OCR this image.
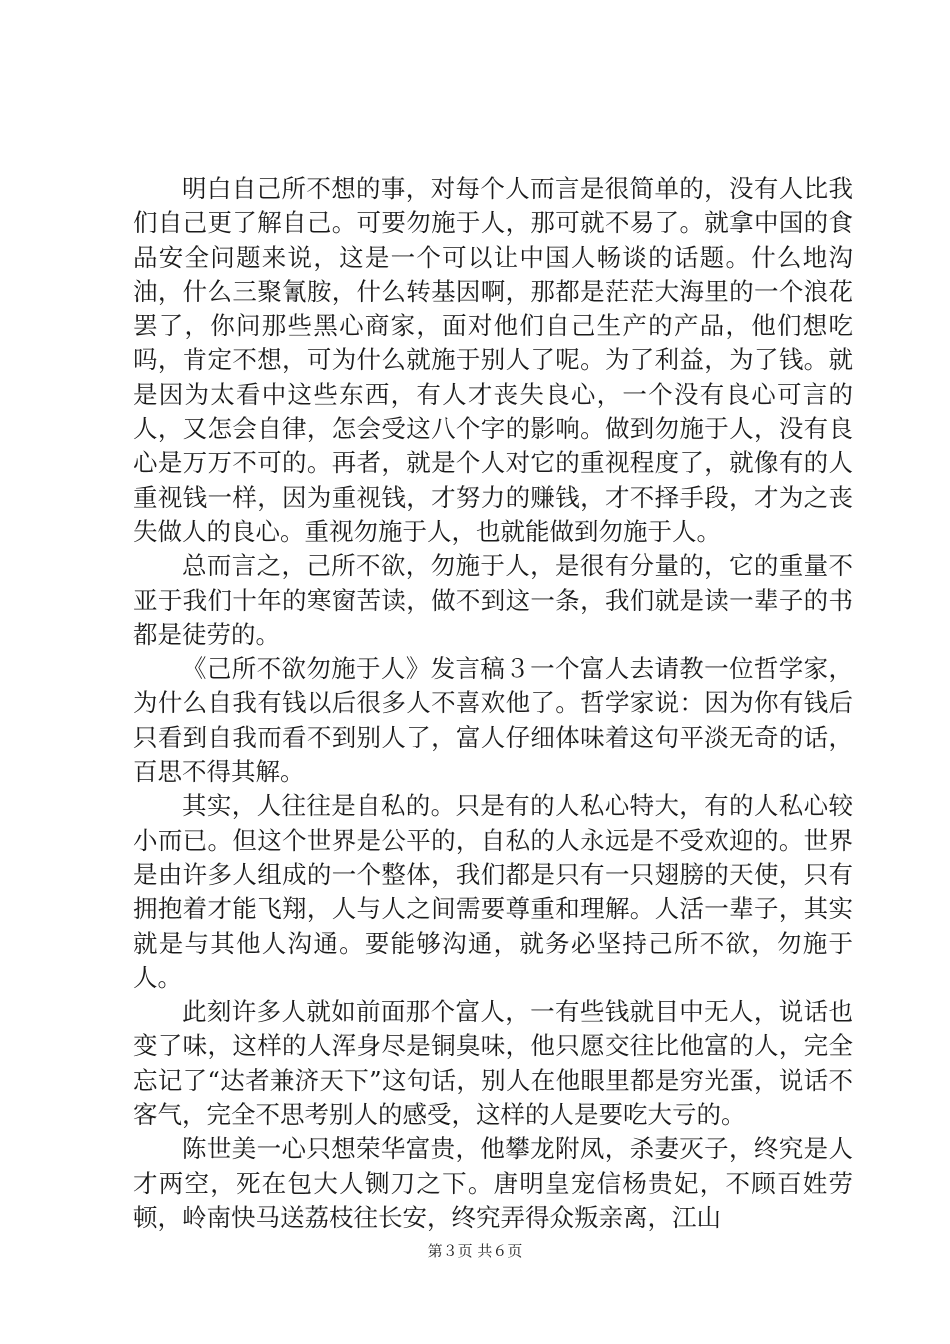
明白自己所不想的事，对每个人而言是很简单的，没有人比我们自己更了解自己。可要勿施于人，那可就不易了。就拿中国的食品安全问题来说，这是一个可以让中国人畅谈的话题。什么地沟油，什么三聚氰胺，什么转基因啊，那都是茫茫大海里的一个浪花罢了，你问那些黑心商家，面对他们自己生产的产品，他们想吃吗，肯定不想，可为什么就施于别人了呢。为了利益，为了钱。就是因为太看中这些东西，有人才丧失良心，一个没有良心可言的人，又怎会自律，怎会受这八个字的影响。做到勿施于人，没有良心是万万不可的。再者，就是个人对它的重视程度了，就像有的人重视钱一样，因为重视钱，才努力的赚钱，才不择手段，才为之丧失做人的良心。重视勿施于人，也就能做到勿施于人。

总而言之，己所不欲，勿施于人，是很有分量的，它的重量不亚于我们十年的寒窗苦读，做不到这一条，我们就是读一辈子的书都是徒劳的。

《己所不欲勿施于人》发言稿３一个富人去请教一位哲学家，为什么自我有钱以后很多人不喜欢他了。哲学家说：因为你有钱后只看到自我而看不到别人了，富人仔细体味着这句平淡无奇的话，百思不得其解。

其实，人往往是自私的。只是有的人私心特大，有的人私心较小而已。但这个世界是公平的，自私的人永远是不受欢迎的。世界是由许多人组成的一个整体，我们都是只有一只翅膀的天使，只有拥抱着才能飞翔，人与人之间需要尊重和理解。人活一辈子，其实就是与其他人沟通。要能够沟通，就务必坚持己所不欲，勿施于人。

此刻许多人就如前面那个富人，一有些钱就目中无人，说话也变了味，这样的人浑身尽是铜臭味，他只愿交往比他富的人，完全忘记了“达者兼济天下”这句话，别人在他眼里都是穷光蛋，说话不客气，完全不思考别人的感受，这样的人是要吃大亏的。

陈世美一心只想荣华富贵，他攀龙附凤，杀妻灭子，终究是人才两空，死在包大人铡刀之下。唐明皇宠信杨贵妃，不顾百姓劳顿，岭南快马送荔枝往长安，终究弄得众叛亲离，江山

第３页 共６页
